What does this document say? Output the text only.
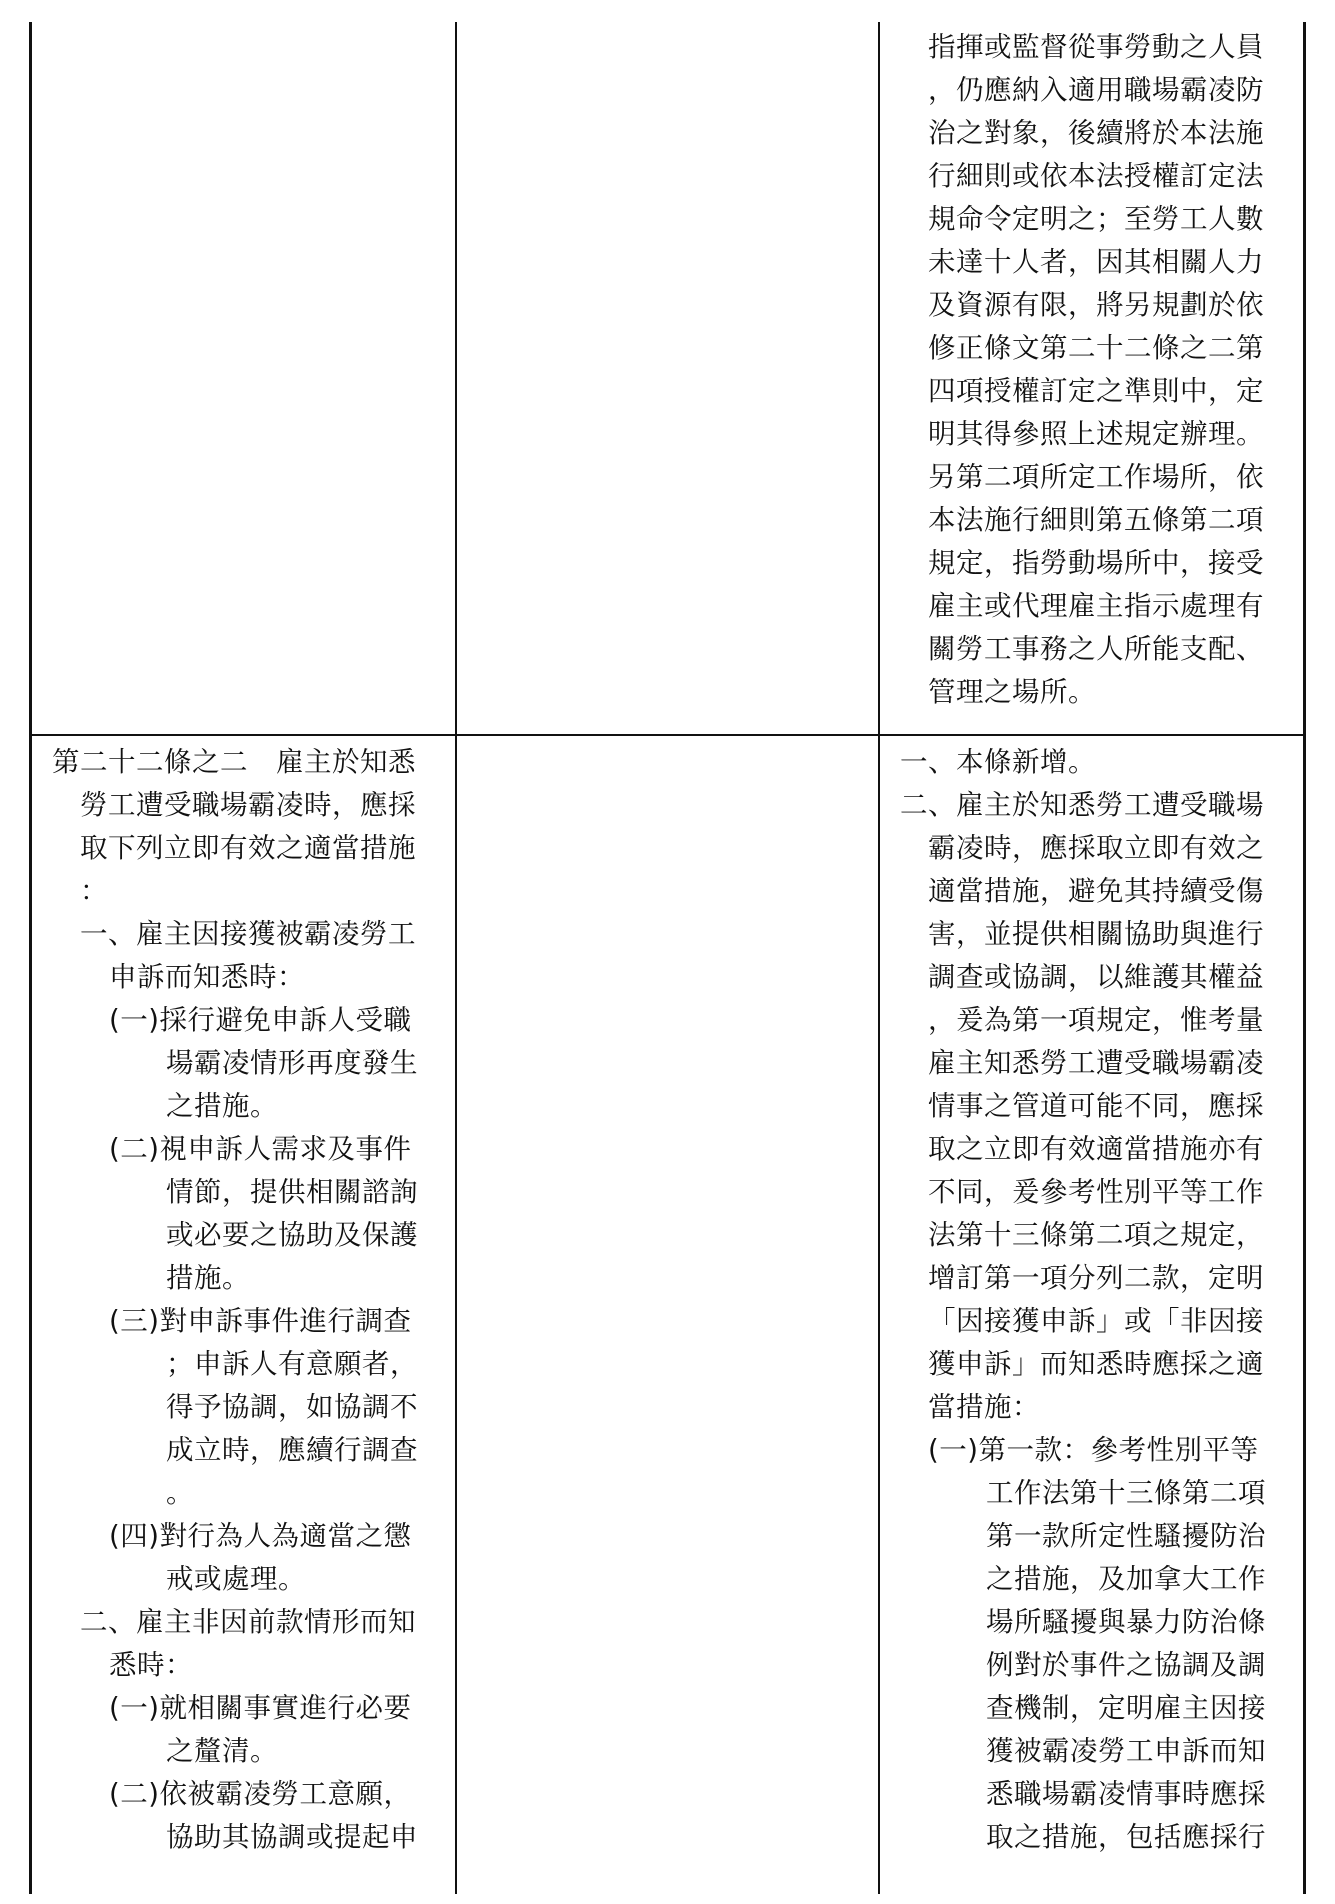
指揮或監督從事勞動之人員
，仍應納入適用職場霸凌防
治之對象，後續將於本法施
行細則或依本法授權訂定法
規命令定明之；至勞工人數
未達十人者，因其相關人力
及資源有限，將另規劃於依
修正條文第二十二條之二第
四項授權訂定之準則中，定
明其得參照上述規定辦理。
另第二項所定工作場所，依
本法施行細則第五條第二項
規定，指勞動場所中，接受
雇主或代理雇主指示處理有
關勞工事務之人所能支配、
管理之場所。
第二十二條之二　雇主於知悉
勞工遭受職場霸凌時，應採
取下列立即有效之適當措施
：
一、雇主因接獲被霸凌勞工
申訴而知悉時：
(一)採行避免申訴人受職
場霸凌情形再度發生
之措施。
(二)視申訴人需求及事件
情節，提供相關諮詢
或必要之協助及保護
措施。
(三)對申訴事件進行調查
；申訴人有意願者，
得予協調，如協調不
成立時，應續行調查
。
(四)對行為人為適當之懲
戒或處理。
二、雇主非因前款情形而知
悉時：
(一)就相關事實進行必要
之釐清。
(二)依被霸凌勞工意願，
協助其協調或提起申
一、本條新增。
二、雇主於知悉勞工遭受職場
霸凌時，應採取立即有效之
適當措施，避免其持續受傷
害，並提供相關協助與進行
調查或協調，以維護其權益
，爰為第一項規定，惟考量
雇主知悉勞工遭受職場霸凌
情事之管道可能不同，應採
取之立即有效適當措施亦有
不同，爰參考性別平等工作
法第十三條第二項之規定，
增訂第一項分列二款，定明
「因接獲申訴」或「非因接
獲申訴」而知悉時應採之適
當措施：
(一)第一款：參考性別平等
工作法第十三條第二項
第一款所定性騷擾防治
之措施，及加拿大工作
場所騷擾與暴力防治條
例對於事件之協調及調
查機制，定明雇主因接
獲被霸凌勞工申訴而知
悉職場霸凌情事時應採
取之措施，包括應採行
